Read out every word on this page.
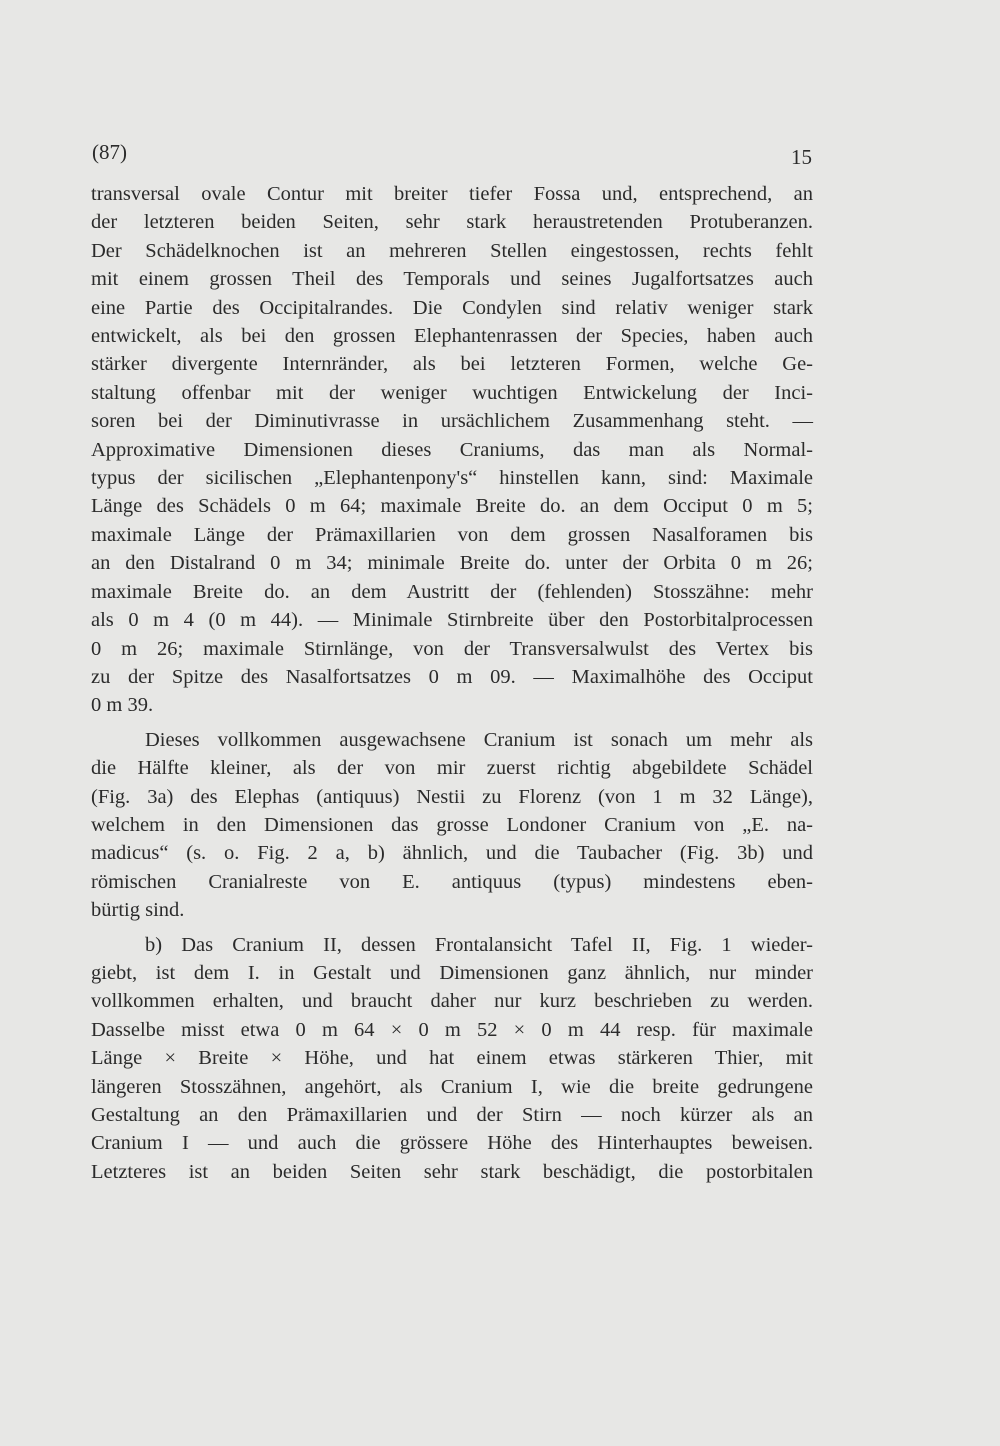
(87)	15

transversal ovale Contur mit breiter tiefer Fossa und, entsprechend, an
der letzteren beiden Seiten, sehr stark heraustretenden Protuberanzen.
Der Schädelknochen ist an mehreren Stellen eingestossen, rechts fehlt
mit einem grossen Theil des Temporals und seines Jugalfortsatzes auch
eine Partie des Occipitalrandes. Die Condylen sind relativ weniger stark
entwickelt, als bei den grossen Elephantenrassen der Species, haben auch
stärker divergente Internränder, als bei letzteren Formen, welche Ge-
staltung offenbar mit der weniger wuchtigen Entwickelung der Inci-
soren bei der Diminutivrasse in ursächlichem Zusammenhang steht. —
Approximative Dimensionen dieses Craniums, das man als Normal-
typus der sicilischen „Elephantenpony's“ hinstellen kann, sind: Maximale
Länge des Schädels 0 m 64; maximale Breite do. an dem Occiput 0 m 5;
maximale Länge der Prämaxillarien von dem grossen Nasalforamen bis
an den Distalrand 0 m 34; minimale Breite do. unter der Orbita 0 m 26;
maximale Breite do. an dem Austritt der (fehlenden) Stosszähne: mehr
als 0 m 4 (0 m 44). — Minimale Stirnbreite über den Postorbitalprocessen
0 m 26; maximale Stirnlänge, von der Transversalwulst des Vertex bis
zu der Spitze des Nasalfortsatzes 0 m 09. — Maximalhöhe des Occiput
0 m 39.

Dieses vollkommen ausgewachsene Cranium ist sonach um mehr als
die Hälfte kleiner, als der von mir zuerst richtig abgebildete Schädel
(Fig. 3a) des Elephas (antiquus) Nestii zu Florenz (von 1 m 32 Länge),
welchem in den Dimensionen das grosse Londoner Cranium von „E. na-
madicus“ (s. o. Fig. 2 a, b) ähnlich, und die Taubacher (Fig. 3b) und
römischen Cranialreste von E. antiquus (typus) mindestens eben-
bürtig sind.

b) Das Cranium II, dessen Frontalansicht Tafel II, Fig. 1 wieder-
giebt, ist dem I. in Gestalt und Dimensionen ganz ähnlich, nur minder
vollkommen erhalten, und braucht daher nur kurz beschrieben zu werden.
Dasselbe misst etwa 0 m 64 × 0 m 52 × 0 m 44 resp. für maximale
Länge × Breite × Höhe, und hat einem etwas stärkeren Thier, mit
längeren Stosszähnen, angehört, als Cranium I, wie die breite gedrungene
Gestaltung an den Prämaxillarien und der Stirn — noch kürzer als an
Cranium I — und auch die grössere Höhe des Hinterhauptes beweisen.
Letzteres ist an beiden Seiten sehr stark beschädigt, die postorbitalen
